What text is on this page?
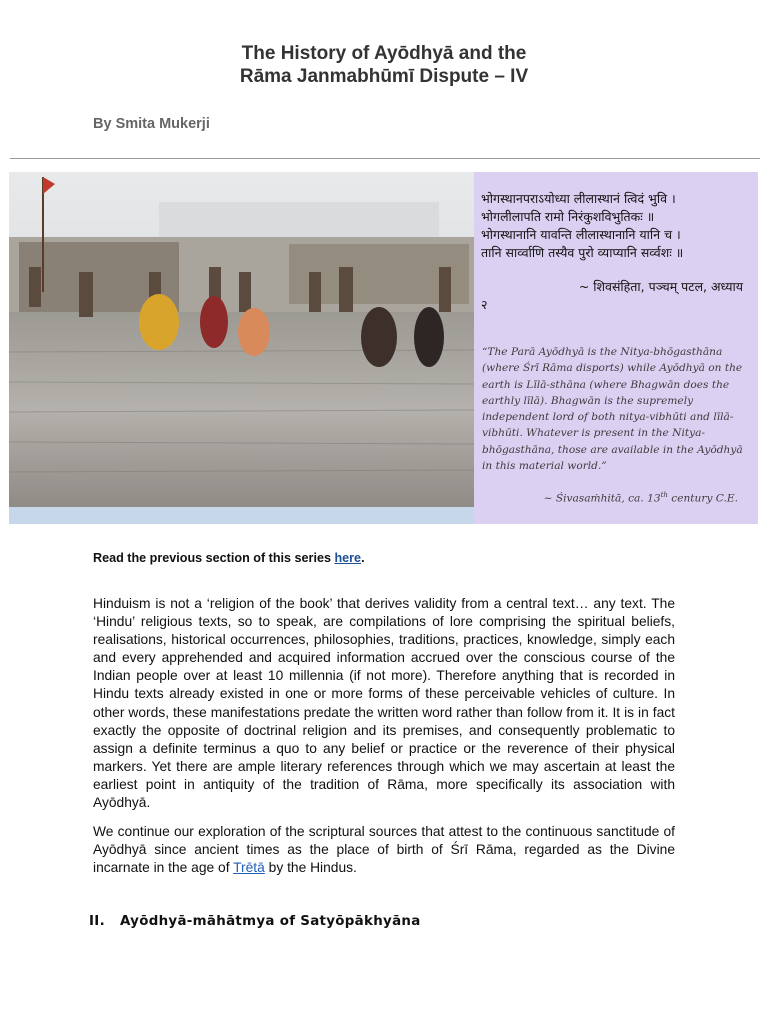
The History of Ayōdhyā and the
Rāma Janmabhūmī Dispute – IV
By Smita Mukerji
भोगस्थानपराऽयोध्या लीलास्थानं त्विदं भुवि ।
भोगलीलापति रामो निरंकुशविभुतिकः ॥
भोगस्थानानि यावन्ति लीलास्थानानि यानि च ।
तानि सार्व्वाणि तस्यैव पुरो व्याप्यानि सर्व्वशः ॥
~ शिवसंहिता, पञ्चम् पटल, अध्याय
२
“The Parā Ayōdhyā is the Nitya-bhōgasthāna (where Śrī Rāma disports) while Ayōdhyā on the earth is Līlā-sthāna (where Bhagwān does the earthly līlā). Bhagwān is the supremely independent lord of both nitya-vibhūti and līlā-vibhūti. Whatever is present in the Nitya-bhōgasthāna, those are available in the Ayōdhyā in this material world.”
~ Śivasaṁhitā, ca. 13th century C.E.
Read the previous section of this series here.
Hinduism is not a ‘religion of the book’ that derives validity from a central text… any text. The ‘Hindu’ religious texts, so to speak, are compilations of lore comprising the spiritual beliefs, realisations, historical occurrences, philosophies, traditions, practices, knowledge, simply each and every apprehended and acquired information accrued over the conscious course of the Indian people over at least 10 millennia (if not more). Therefore anything that is recorded in Hindu texts already existed in one or more forms of these perceivable vehicles of culture. In other words, these manifestations predate the written word rather than follow from it. It is in fact exactly the opposite of doctrinal religion and its premises, and consequently problematic to assign a definite terminus a quo to any belief or practice or the reverence of their physical markers. Yet there are ample literary references through which we may ascertain at least the earliest point in antiquity of the tradition of Rāma, more specifically its association with Ayōdhyā.
We continue our exploration of the scriptural sources that attest to the continuous sanctitude of Ayōdhyā since ancient times as the place of birth of Śrī Rāma, regarded as the Divine incarnate in the age of Trētā by the Hindus.
II. Ayōdhyā-māhātmya of Satyōpākhyāna
